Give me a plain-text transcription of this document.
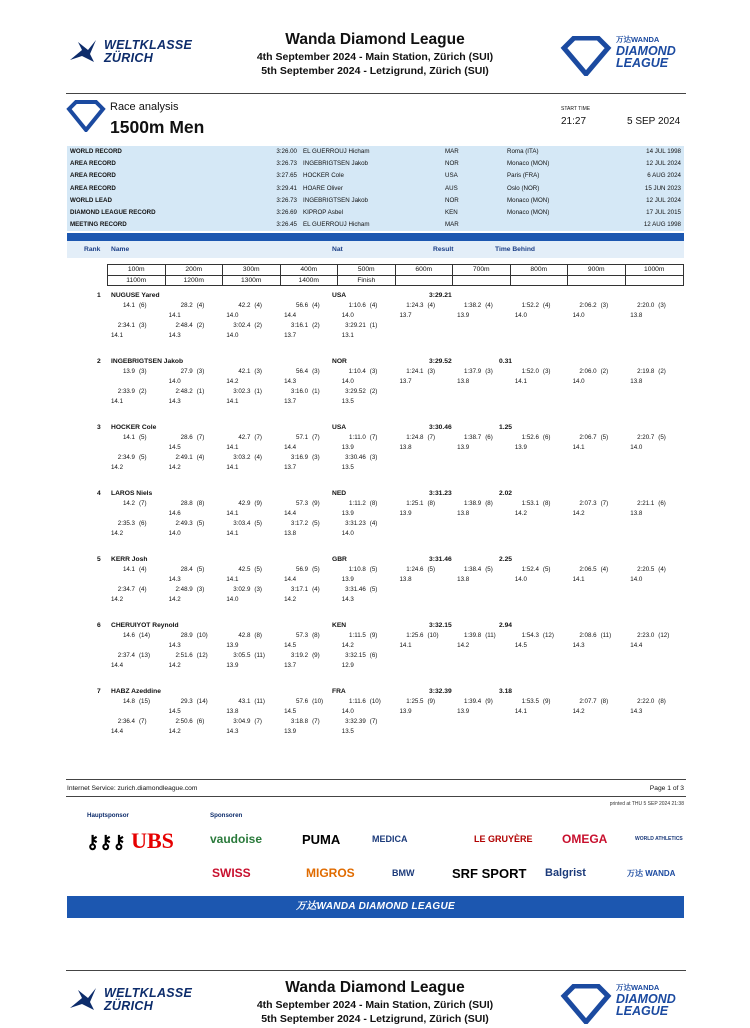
WELTKLASSE
ZÜRICH
Wanda Diamond League
4th September 2024 - Main Station, Zürich (SUI)
5th September 2024 - Letzigrund, Zürich (SUI)
万达WANDA
DIAMOND
LEAGUE
Race analysis
1500m Men
START TIME
21:27	5 SEP 2024
WORLD RECORD	3:26.00 EL GUERROUJ Hicham	MAR	Roma (ITA)	14 JUL 1998
AREA RECORD	3:26.73 INGEBRIGTSEN Jakob	NOR	Monaco (MON)	12 JUL 2024
AREA RECORD	3:27.65 HOCKER Cole	USA	Paris (FRA)	6 AUG 2024
AREA RECORD	3:29.41 HOARE Oliver	AUS	Oslo (NOR)	15 JUN 2023
WORLD LEAD	3:26.73 INGEBRIGTSEN Jakob	NOR	Monaco (MON)	12 JUL 2024
DIAMOND LEAGUE RECORD	3:26.69 KIPROP Asbel	KEN	Monaco (MON)	17 JUL 2015
MEETING RECORD	3:26.45 EL GUERROUJ Hicham	MAR	12 AUG 1998
Rank Name	Nat	Result	Time Behind
100m	200m	300m	400m	500m	600m	700m	800m	900m	1000m
1100m	1200m	1300m	1400m	Finish
1 NUGUSE Yared	USA	3:29.21
14.1 (6)	28.2 (4)	42.2 (4)	56.6 (4)	1:10.6 (4)	1:24.3 (4)	1:38.2 (4)	1:52.2 (4)	2:06.2 (3)	2:20.0 (3)
14.1	14.0	14.4	14.0	13.7	13.9	14.0	14.0	13.8
2:34.1 (3)	2:48.4 (2)	3:02.4 (2)	3:16.1 (2)	3:29.21 (1)
14.1	14.3	14.0	13.7	13.1
2 INGEBRIGTSEN Jakob	NOR	3:29.52	0.31
13.9 (3)	27.9 (3)	42.1 (3)	56.4 (3)	1:10.4 (3)	1:24.1 (3)	1:37.9 (3)	1:52.0 (3)	2:06.0 (2)	2:19.8 (2)
14.0	14.2	14.3	14.0	13.7	13.8	14.1	14.0	13.8
2:33.9 (2)	2:48.2 (1)	3:02.3 (1)	3:16.0 (1)	3:29.52 (2)
14.1	14.3	14.1	13.7	13.5
3 HOCKER Cole	USA	3:30.46	1.25
14.1 (5)	28.6 (7)	42.7 (7)	57.1 (7)	1:11.0 (7)	1:24.8 (7)	1:38.7 (6)	1:52.6 (6)	2:06.7 (5)	2:20.7 (5)
14.5	14.1	14.4	13.9	13.8	13.9	13.9	14.1	14.0
2:34.9 (5)	2:49.1 (4)	3:03.2 (4)	3:16.9 (3)	3:30.46 (3)
14.2	14.2	14.1	13.7	13.5
4 LAROS Niels	NED	3:31.23	2.02
14.2 (7)	28.8 (8)	42.9 (9)	57.3 (9)	1:11.2 (8)	1:25.1 (8)	1:38.9 (8)	1:53.1 (8)	2:07.3 (7)	2:21.1 (6)
14.6	14.1	14.4	13.9	13.9	13.8	14.2	14.2	13.8
2:35.3 (6)	2:49.3 (5)	3:03.4 (5)	3:17.2 (5)	3:31.23 (4)
14.2	14.0	14.1	13.8	14.0
5 KERR Josh	GBR	3:31.46	2.25
14.1 (4)	28.4 (5)	42.5 (5)	56.9 (5)	1:10.8 (5)	1:24.6 (5)	1:38.4 (5)	1:52.4 (5)	2:06.5 (4)	2:20.5 (4)
14.3	14.1	14.4	13.9	13.8	13.8	14.0	14.1	14.0
2:34.7 (4)	2:48.9 (3)	3:02.9 (3)	3:17.1 (4)	3:31.46 (5)
14.2	14.2	14.0	14.2	14.3
6 CHERUIYOT Reynold	KEN	3:32.15	2.94
14.6 (14)	28.9 (10)	42.8 (8)	57.3 (8)	1:11.5 (9)	1:25.6 (10)	1:39.8 (11)	1:54.3 (12)	2:08.6 (11)	2:23.0 (12)
14.3	13.9	14.5	14.2	14.1	14.2	14.5	14.3	14.4
2:37.4 (13)	2:51.6 (12)	3:05.5 (11)	3:19.2 (9)	3:32.15 (6)
14.4	14.2	13.9	13.7	12.9
7 HABZ Azeddine	FRA	3:32.39	3.18
14.8 (15)	29.3 (14)	43.1 (11)	57.6 (10)	1:11.6 (10)	1:25.5 (9)	1:39.4 (9)	1:53.5 (9)	2:07.7 (8)	2:22.0 (8)
14.5	13.8	14.5	14.0	13.9	13.9	14.1	14.2	14.3
2:36.4 (7)	2:50.6 (6)	3:04.9 (7)	3:18.8 (7)	3:32.39 (7)
14.4	14.2	14.3	13.9	13.5
Internet Service: zurich.diamondleague.com	Page 1 of 3
printed at THU 5 SEP 2024 21:38
Hauptsponsor	Sponsoren
⚷⚷⚷ UBS	vaudoise	PUMA	MEDICA	LE GRUYÈRE OMEGA	WORLD ATHLETICS
SWISS	MIGROS	BMW	SRF SPORT Balgrist	万达 WANDA
万达WANDA DIAMOND LEAGUE
WELTKLASSE
ZÜRICH
Wanda Diamond League
4th September 2024 - Main Station, Zürich (SUI)
5th September 2024 - Letzigrund, Zürich (SUI)
万达WANDA
DIAMOND
LEAGUE
